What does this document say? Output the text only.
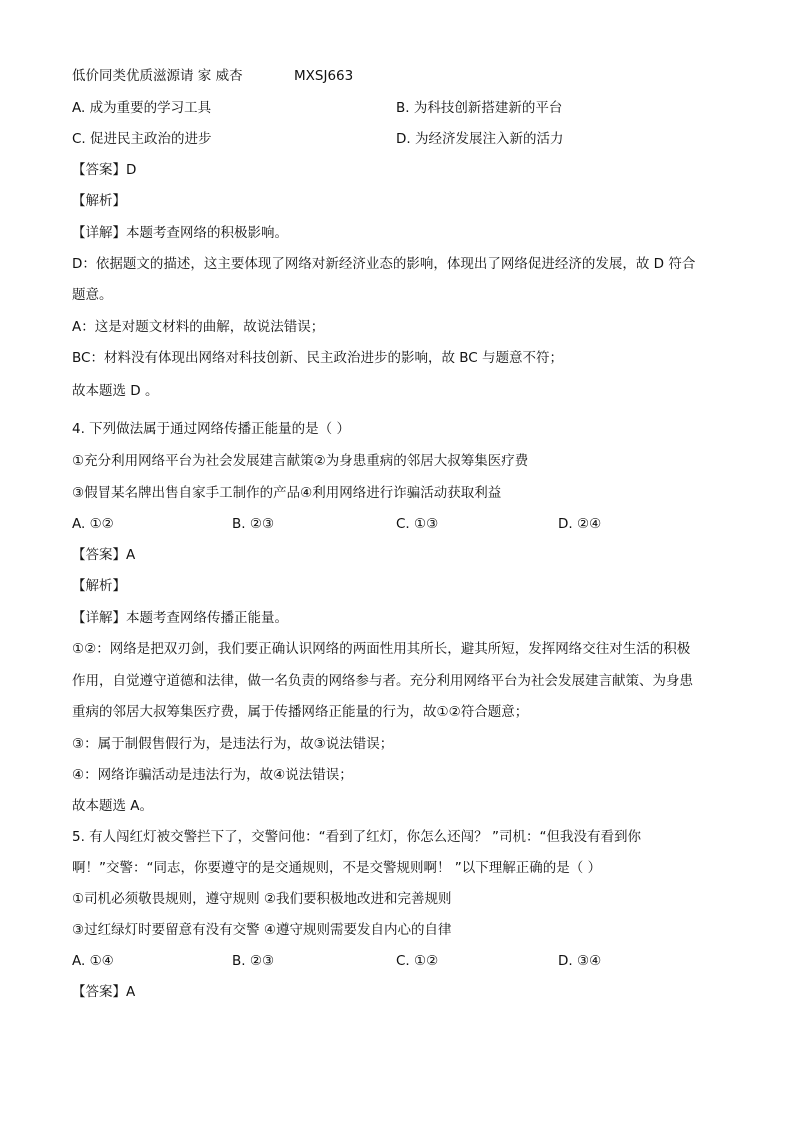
低价同类优质滋源请 家 威杏	MXSJ663
A. 成为重要的学习工具	B. 为科技创新搭建新的平台
C. 促进民主政治的进步	D. 为经济发展注入新的活力
【答案】D
【解析】
【详解】本题考查网络的积极影响。
D：依据题文的描述，这主要体现了网络对新经济业态的影响，体现出了网络促进经济的发展，故 D 符合
题意。
A：这是对题文材料的曲解，故说法错误；
BC：材料没有体现出网络对科技创新、民主政治进步的影响，故 BC 与题意不符；
故本题选 D 。
4. 下列做法属于通过网络传播正能量的是（ ）
①充分利用网络平台为社会发展建言献策②为身患重病的邻居大叔筹集医疗费
③假冒某名牌出售自家手工制作的产品④利用网络进行诈骗活动获取利益
A. ①②	B. ②③	C. ①③	D. ②④
【答案】A
【解析】
【详解】本题考查网络传播正能量。
①②：网络是把双刃剑，我们要正确认识网络的两面性用其所长，避其所短，发挥网络交往对生活的积极
作用，自觉遵守道德和法律，做一名负责的网络参与者。充分利用网络平台为社会发展建言献策、为身患
重病的邻居大叔筹集医疗费，属于传播网络正能量的行为，故①②符合题意；
③：属于制假售假行为，是违法行为，故③说法错误；
④：网络诈骗活动是违法行为，故④说法错误；
故本题选 A。
5. 有人闯红灯被交警拦下了，交警问他：“看到了红灯，你怎么还闯？ ”司机：“但我没有看到你
啊！”交警：“同志，你要遵守的是交通规则，不是交警规则啊！ ”以下理解正确的是（ ）
①司机必须敬畏规则，遵守规则 ②我们要积极地改进和完善规则
③过红绿灯时要留意有没有交警 ④遵守规则需要发自内心的自律
A. ①④	B. ②③	C. ①②	D. ③④
【答案】A
